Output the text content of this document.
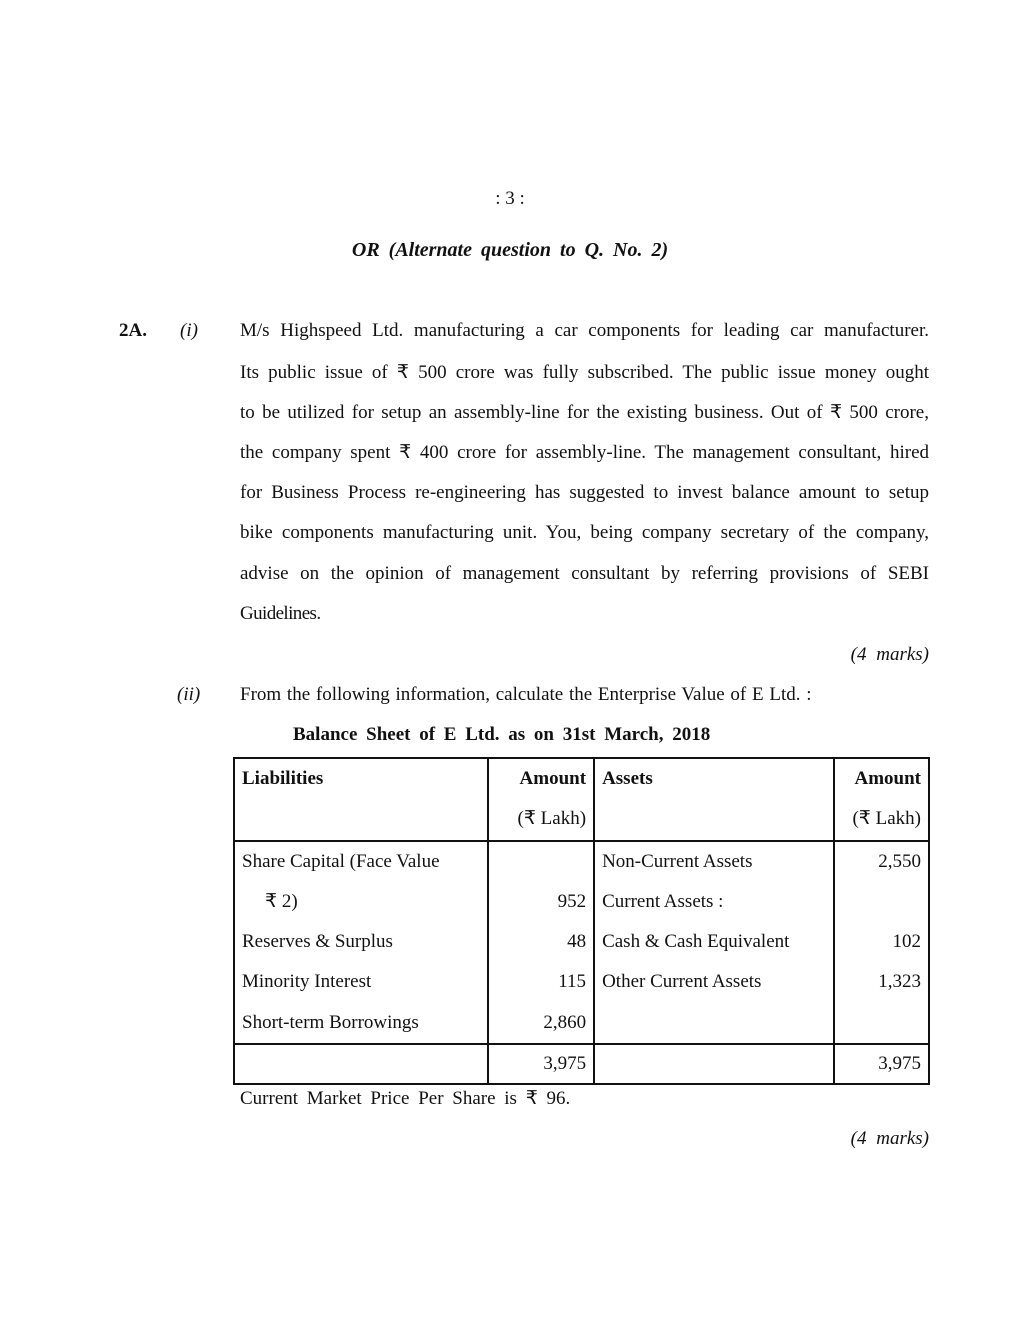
: 3 :
OR (Alternate question to Q. No. 2)
2A. (i) M/s Highspeed Ltd. manufacturing a car components for leading car manufacturer.
Its public issue of ₹ 500 crore was fully subscribed. The public issue money ought
to be utilized for setup an assembly-line for the existing business. Out of ₹ 500 crore,
the company spent ₹ 400 crore for assembly-line. The management consultant, hired
for Business Process re-engineering has suggested to invest balance amount to setup
bike components manufacturing unit. You, being company secretary of the company,
advise on the opinion of management consultant by referring provisions of SEBI
Guidelines.
(4 marks)
(ii) From the following information, calculate the Enterprise Value of E Ltd. :
Balance Sheet of E Ltd. as on 31st March, 2018
Liabilities	Amount	Assets	Amount
	(₹ Lakh)		(₹ Lakh)
Share Capital (Face Value		Non-Current Assets	2,550
₹ 2)	952	Current Assets :	
Reserves & Surplus	48	Cash & Cash Equivalent	102
Minority Interest	115	Other Current Assets	1,323
Short-term Borrowings	2,860		
	3,975		3,975
Current Market Price Per Share is ₹ 96.
(4 marks)
